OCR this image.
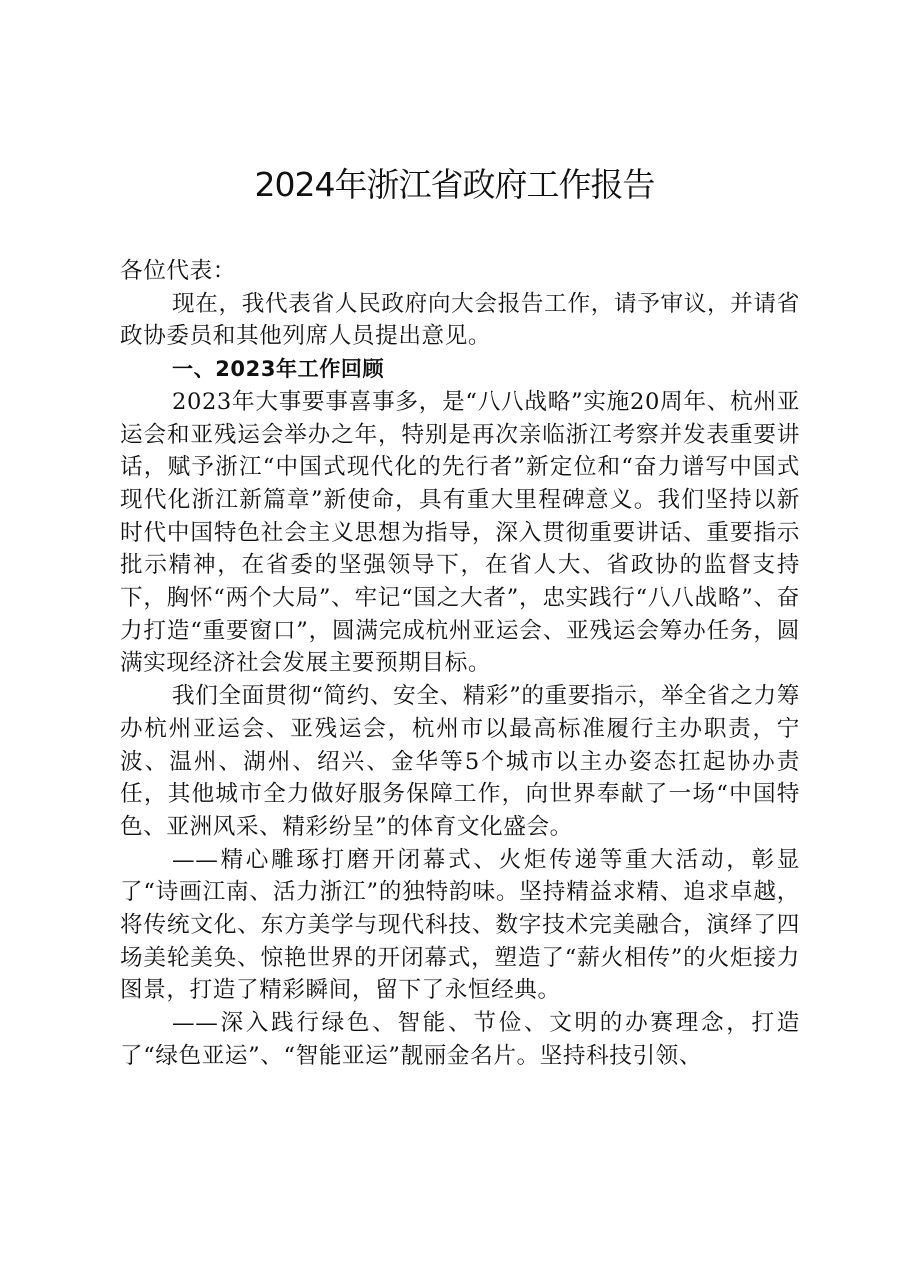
2024年浙江省政府工作报告

各位代表：

现在，我代表省人民政府向大会报告工作，请予审议，并请省政协委员和其他列席人员提出意见。

一、2023年工作回顾

2023年大事要事喜事多，是“八八战略”实施20周年、杭州亚运会和亚残运会举办之年，特别是再次亲临浙江考察并发表重要讲话，赋予浙江“中国式现代化的先行者”新定位和“奋力谱写中国式现代化浙江新篇章”新使命，具有重大里程碑意义。我们坚持以新时代中国特色社会主义思想为指导，深入贯彻重要讲话、重要指示批示精神，在省委的坚强领导下，在省人大、省政协的监督支持下，胸怀“两个大局”、牢记“国之大者”，忠实践行“八八战略”、奋力打造“重要窗口”，圆满完成杭州亚运会、亚残运会筹办任务，圆满实现经济社会发展主要预期目标。

我们全面贯彻“简约、安全、精彩”的重要指示，举全省之力筹办杭州亚运会、亚残运会，杭州市以最高标准履行主办职责，宁波、温州、湖州、绍兴、金华等5个城市以主办姿态扛起协办责任，其他城市全力做好服务保障工作，向世界奉献了一场“中国特色、亚洲风采、精彩纷呈”的体育文化盛会。

——精心雕琢打磨开闭幕式、火炬传递等重大活动，彰显了“诗画江南、活力浙江”的独特韵味。坚持精益求精、追求卓越，将传统文化、东方美学与现代科技、数字技术完美融合，演绎了四场美轮美奂、惊艳世界的开闭幕式，塑造了“薪火相传”的火炬接力图景，打造了精彩瞬间，留下了永恒经典。

——深入践行绿色、智能、节俭、文明的办赛理念，打造了“绿色亚运”、“智能亚运”靓丽金名片。坚持科技引领、
